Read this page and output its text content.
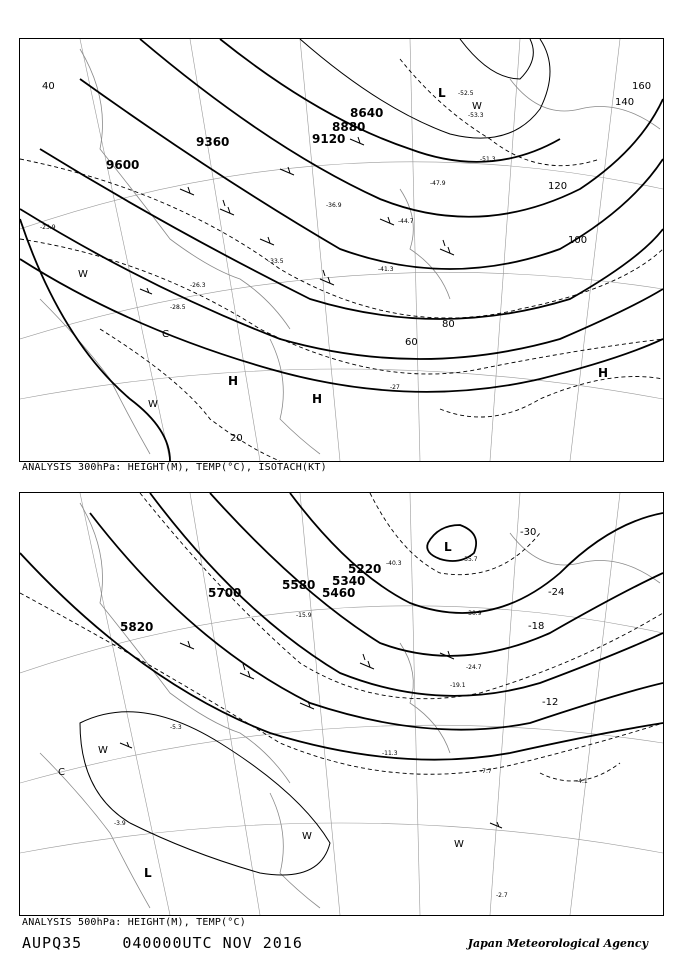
8640
8880
9120
9360
9600
40
60
80
100
120
140
160
20
L
H
H
H
W
W
W
C
-52.5
-53.3
-51.3
-47.9
-44.7
-41.3
-36.9
-33.5
-28.5
-27
-26.3
-23.9
ANALYSIS 300hPa: HEIGHT(M), TEMP(°C), ISOTACH(KT)
5220
5340
5460
5580
5700
5820
-30
-24
-18
-12
L
L
W
W
W
C
-40.3
-35.7
-30.9
-24.7
-19.1
-15.9
-11.3
-7.7
-5.3
-4.1
-3.9
-2.7
ANALYSIS 500hPa: HEIGHT(M), TEMP(°C)
AUPQ35	040000UTC NOV 2016	Japan Meteorological Agency
